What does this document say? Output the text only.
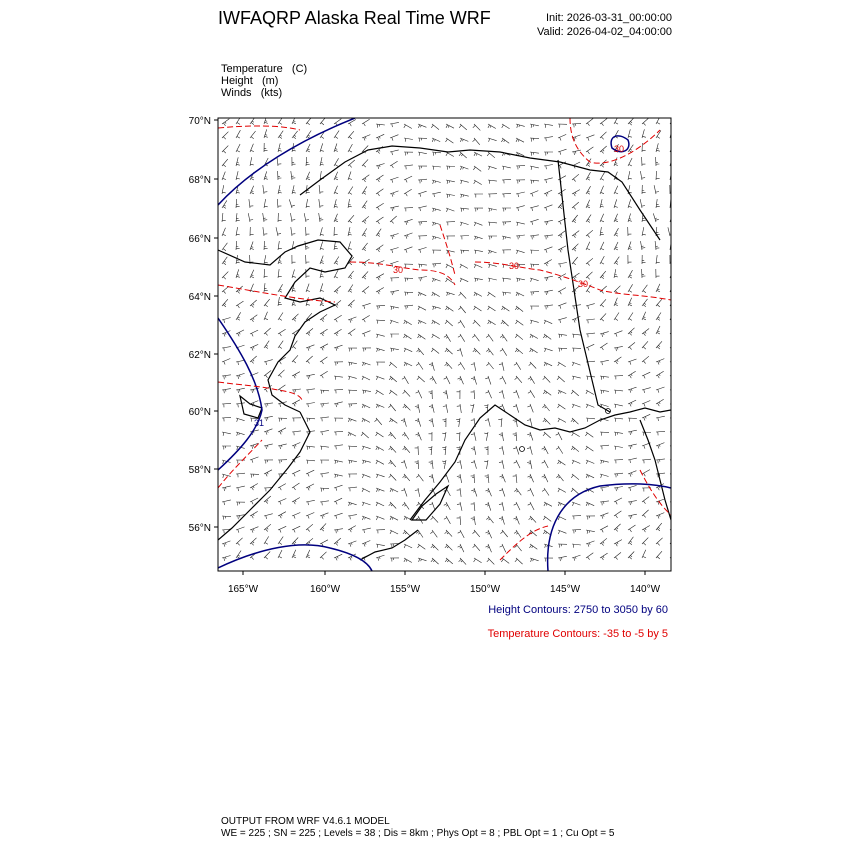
IWFAQRP Alaska Real Time WRF	Init: 2026-03-31_00:00:00
Valid: 2026-04-02_04:00:00
Temperature   (C)
Height   (m)
Winds   (kts)
30	30
30
30
31
70°N
68°N
66°N
64°N
62°N
60°N
58°N
56°N
165°W	160°W	155°W	150°W	145°W	140°W
Height Contours: 2750 to 3050 by 60
Temperature Contours: -35 to -5 by 5
OUTPUT FROM WRF V4.6.1 MODEL
WE = 225 ; SN = 225 ; Levels = 38 ; Dis = 8km ; Phys Opt = 8 ; PBL Opt = 1 ; Cu Opt = 5
